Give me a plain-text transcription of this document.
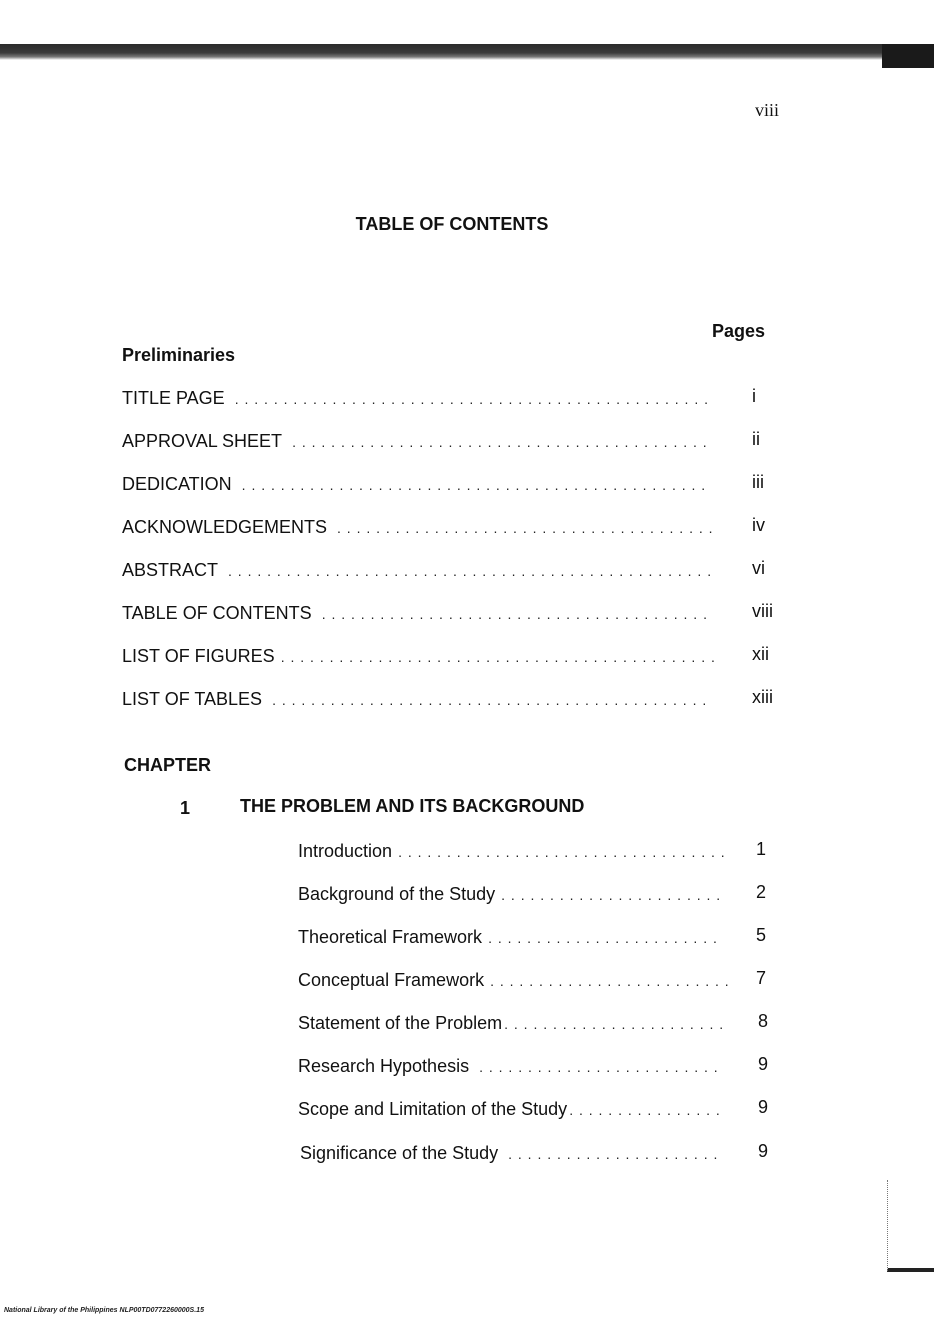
viii
TABLE OF CONTENTS
Pages
Preliminaries
TITLE PAGE . . .	i
APPROVAL SHEET . . .	ii
DEDICATION . . .	iii
ACKNOWLEDGEMENTS . . .	iv
ABSTRACT . . .	vi
TABLE OF CONTENTS . . .	viii
LIST OF FIGURES . . .	xii
LIST OF TABLES . . .	xiii
CHAPTER
1	THE PROBLEM AND ITS BACKGROUND
Introduction . . .	1
Background of the Study . . .	2
Theoretical Framework . . .	5
Conceptual Framework . . .	7
Statement of the Problem . . .	8
Research Hypothesis . . .	9
Scope and Limitation of the Study . . .	9
Significance of the Study . . .	9
National Library of the Philippines NLP00TD0772260000S.15
